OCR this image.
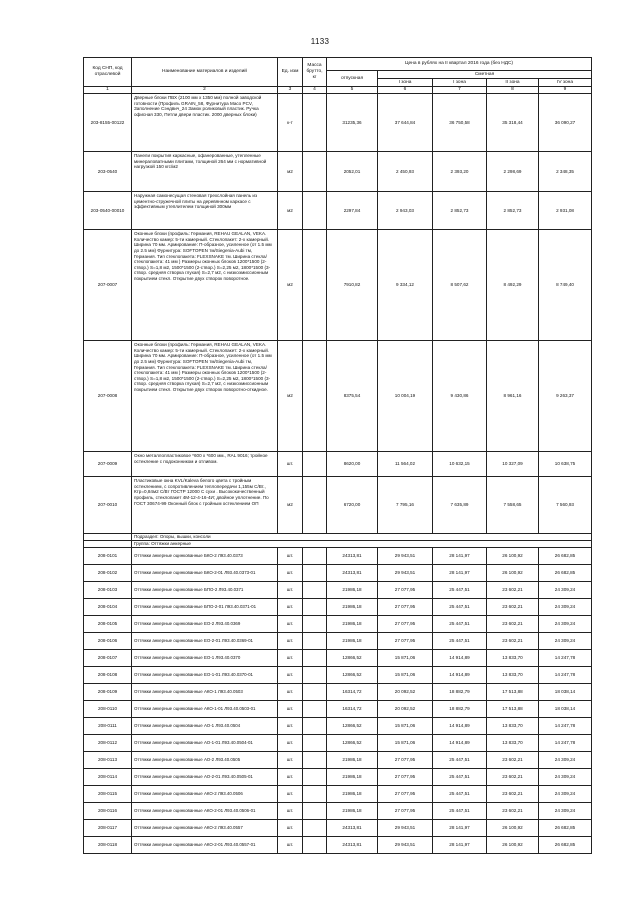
1133
Код СНП, код отраслевой	Наименование материалов и изделий	Ед. изм	Масса брутто, кг	Цена в рублях на II квартал 2016 года (без НДС)				
				отпускная	Сметная			
					I зона	I зона	II зона	IV зона
1	2	3	4	5	6	7	8	9
203-8155-00122	Дверные блоки ПВХ (2100 мм х 1350 мм) полной заводской готовности (Профиль GRAIN_58, Фурнитура Maco PCV, Заполнение Сэндвич_24 Замок роликовый пластик. Ручка офисная 330, Петли двери пластик. 2000 дверных блоки)	к-т		31235,36	37 644,84	36 750,58	35 318,44	36 090,27
203-0540	Панели покрытия каркасные, офанерованные, утепленные минераловатными плитами, толщиной 264 мм с нормативной нагрузкой 150 кгс/м2	м2		2052,01	2 450,93	2 393,20	2 298,69	2 348,35
203-0540-00010	Наружная самонесущая стеновая трехслойная панель из цементно-стружечной плиты на деревянном каркасе с эффективным утеплителем толщиной 300мм	м2		2297,84	2 943,03	2 852,73	2 852,73	2 931,08
207-0007	Оконные блоки (профиль: Германия, REHAU GEALAN, VEKA. Количество камер: 5-ти камерный. Стеклопакет: 2-х камерный. Ширина 70 мм. Армирование: П-образное, усиленное (от 1.5 мм до 2.5 мм) Фурнитура: SOFTOPEN тм/Siegenia-Aubi тм, Германия. Тип стеклопакета: FLEXSNAKE тм. Ширина стекла/стеклопакета: 41 мм ) Размеры оконных блоков 1200*1500 (2-створ.) S=1,8 м2, 1500*1500 (2-створ.) S=2,25 м2, 1800*1500 (3-створ. средняя створка глухая) S=2,7 м2, с низкоэмиссионным покрытием стекл. Открытие двух створок поворотное.	м2		7910,82	9 334,12	8 507,62	8 492,29	8 749,40
207-0008	Оконные блоки (профиль: Германия, REHAU GEALAN, VEKA. Количество камер: 5-ти камерный. Стеклопакет: 2-х камерный. Ширина 70 мм. Армирование: П-образное, усиленное (от 1.5 мм до 2.5 мм) Фурнитура: SOFTOPEN тм/Siegenia-Aubi тм, Германия. Тип стеклопакета: FLEXSNAKE тм. Ширина стекла/стеклопакета: 41 мм ) Размеры оконных блоков 1200*1500 (2-створ.) S=1,8 м2, 1500*1500 (2-створ.) S=2,25 м2, 1800*1500 (3-створ. средняя створка глухая) S=2,7 м2, с низкоэмиссионным покрытием стекл. Открытие двух створок поворотно-откидное.	м2		8375,54	10 004,19	9 430,86	8 961,16	9 263,37
207-0009	Окно металлопластиковое *600 х *600 мм., RAL 9016; тройное остекление с подоконником и отливом.	шт.		8620,00	11 564,02	10 632,15	10 327,09	10 638,75
207-0010	Пластиковые окна KVL/Kaleva белого цвета с тройным остеклением, с сопротивлением теплопередачи 1,155м С/Вт., Ктр=0,84м2 С/Вт ГОСТР 12000 С сухи . Высококачественный профиль, стеклопакет 4М-12-4-16-4И; двойное уплотнение. По ГОСТ 30674-99 Оконный блок с тройным остеклением ОП	м2		6720,00	7 795,16	7 635,89	7 558,65	7 560,93
	Подраздел: Опоры, вышки, консоли							
	Группа: Оттяжки анкерные							
208-0101	Оттяжки анкерные оцинкованные БКО-2 Л93.40.0373	шт.		24313,81	29 943,51	28 141,97	26 100,92	26 682,85
208-0102	Оттяжки анкерные оцинкованные БКО-2-01 Л93.40.0373-01	шт.		24313,81	29 943,51	28 141,97	26 100,92	26 682,85
208-0103	Оттяжки анкерные оцинкованные БПО-2 Л93.40.0371	шт.		21986,18	27 077,95	25 447,51	23 602,21	24 309,24
208-0104	Оттяжки анкерные оцинкованные БПО-2-01 Л93.40.0371-01	шт.		21986,18	27 077,95	25 447,51	23 602,21	24 309,24
208-0105	Оттяжки анкерные оцинкованные ЕО-2 Л93.40.0369	шт.		21986,18	27 077,95	25 447,51	23 602,21	24 309,24
208-0106	Оттяжки анкерные оцинкованные ЕО-2-01 Л93.40.0369-01	шт.		21986,18	27 077,95	25 447,51	23 602,21	24 309,24
208-0107	Оттяжки анкерные оцинкованные ЕО-1 Л93.40.0370	шт.		12866,52	15 871,06	14 914,89	13 833,70	14 247,78
208-0108	Оттяжки анкерные оцинкованные ЕО-1-01 Л93.40.0370-01	шт.		12866,52	15 871,06	14 914,89	13 833,70	14 247,78
208-0109	Оттяжки анкерные оцинкованные АКО-1 Л93.40.0503	шт.		16314,72	20 092,52	18 882,79	17 513,88	18 038,14
208-0110	Оттяжки анкерные оцинкованные АКО-1-01 Л93.40.0503-01	шт.		16314,72	20 092,52	18 882,79	17 513,88	18 038,14
208-0111	Оттяжки анкерные оцинкованные АО-1 Л93.40.0504	шт.		12866,52	15 871,06	14 914,89	13 833,70	14 247,78
208-0112	Оттяжки анкерные оцинкованные АО-1-01 Л93.40.0504-01	шт.		12866,52	15 871,06	14 914,89	13 833,70	14 247,78
208-0113	Оттяжки анкерные оцинкованные АО-2 Л93.40.0505	шт.		21986,18	27 077,95	25 447,51	23 602,21	24 309,24
208-0114	Оттяжки анкерные оцинкованные АО-2-01 Л93.40.0505-01	шт.		21986,18	27 077,95	25 447,51	23 602,21	24 309,24
208-0115	Оттяжки анкерные оцинкованные АКО-2 Л93.40.0506	шт.		21986,18	27 077,95	25 447,51	23 602,21	24 309,24
208-0116	Оттяжки анкерные оцинкованные АКО-2-01 Л93.40.0506-01	шт.		21986,18	27 077,95	25 447,51	23 602,21	24 309,24
208-0117	Оттяжки анкерные оцинкованные АКО-2 Л93.40.0557	шт.		24313,81	29 943,51	28 141,97	26 100,92	26 682,85
208-0118	Оттяжки анкерные оцинкованные АКО-2-01 Л93.40.0557-01	шт.		24313,81	29 943,51	28 141,97	26 100,92	26 682,85
